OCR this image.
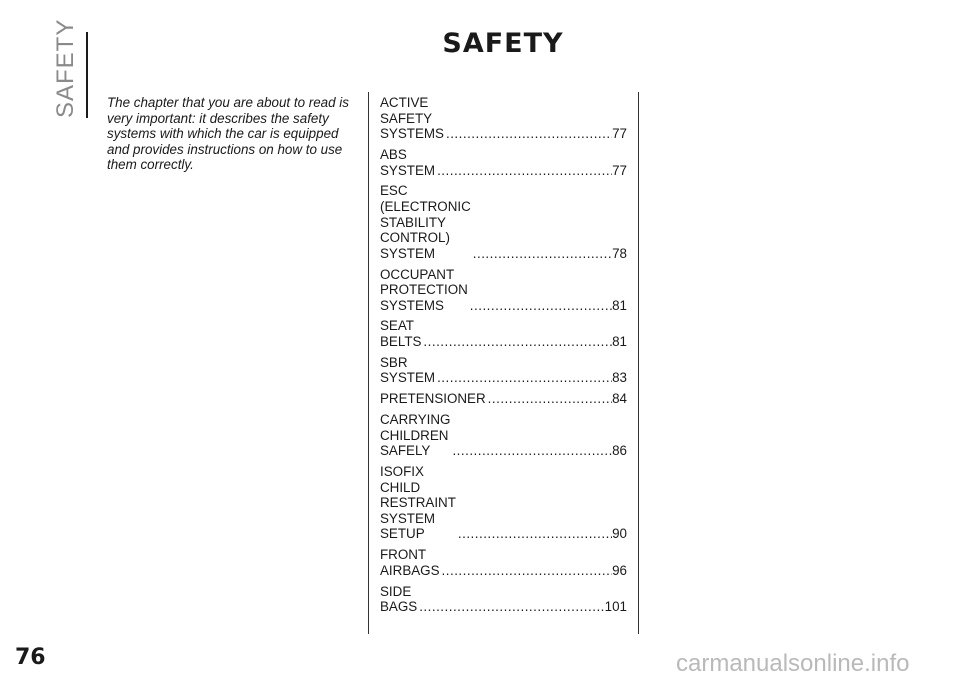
SAFETY	SAFETY

The chapter that you are about to read is very important: it describes the safety systems with which the car is equipped and provides instructions on how to use them correctly.

ACTIVE SAFETY SYSTEMS .....	77
ABS SYSTEM .....	77
ESC (ELECTRONIC STABILITY
CONTROL) SYSTEM .....	78
OCCUPANT PROTECTION
SYSTEMS .....	81
SEAT BELTS .....	81
SBR SYSTEM .....	83
PRETENSIONER .....	84
CARRYING CHILDREN SAFELY .....	86
ISOFIX CHILD RESTRAINT
SYSTEM SETUP .....	90
FRONT AIRBAGS .....	96
SIDE BAGS .....	101
76	carmanualsonline.info
